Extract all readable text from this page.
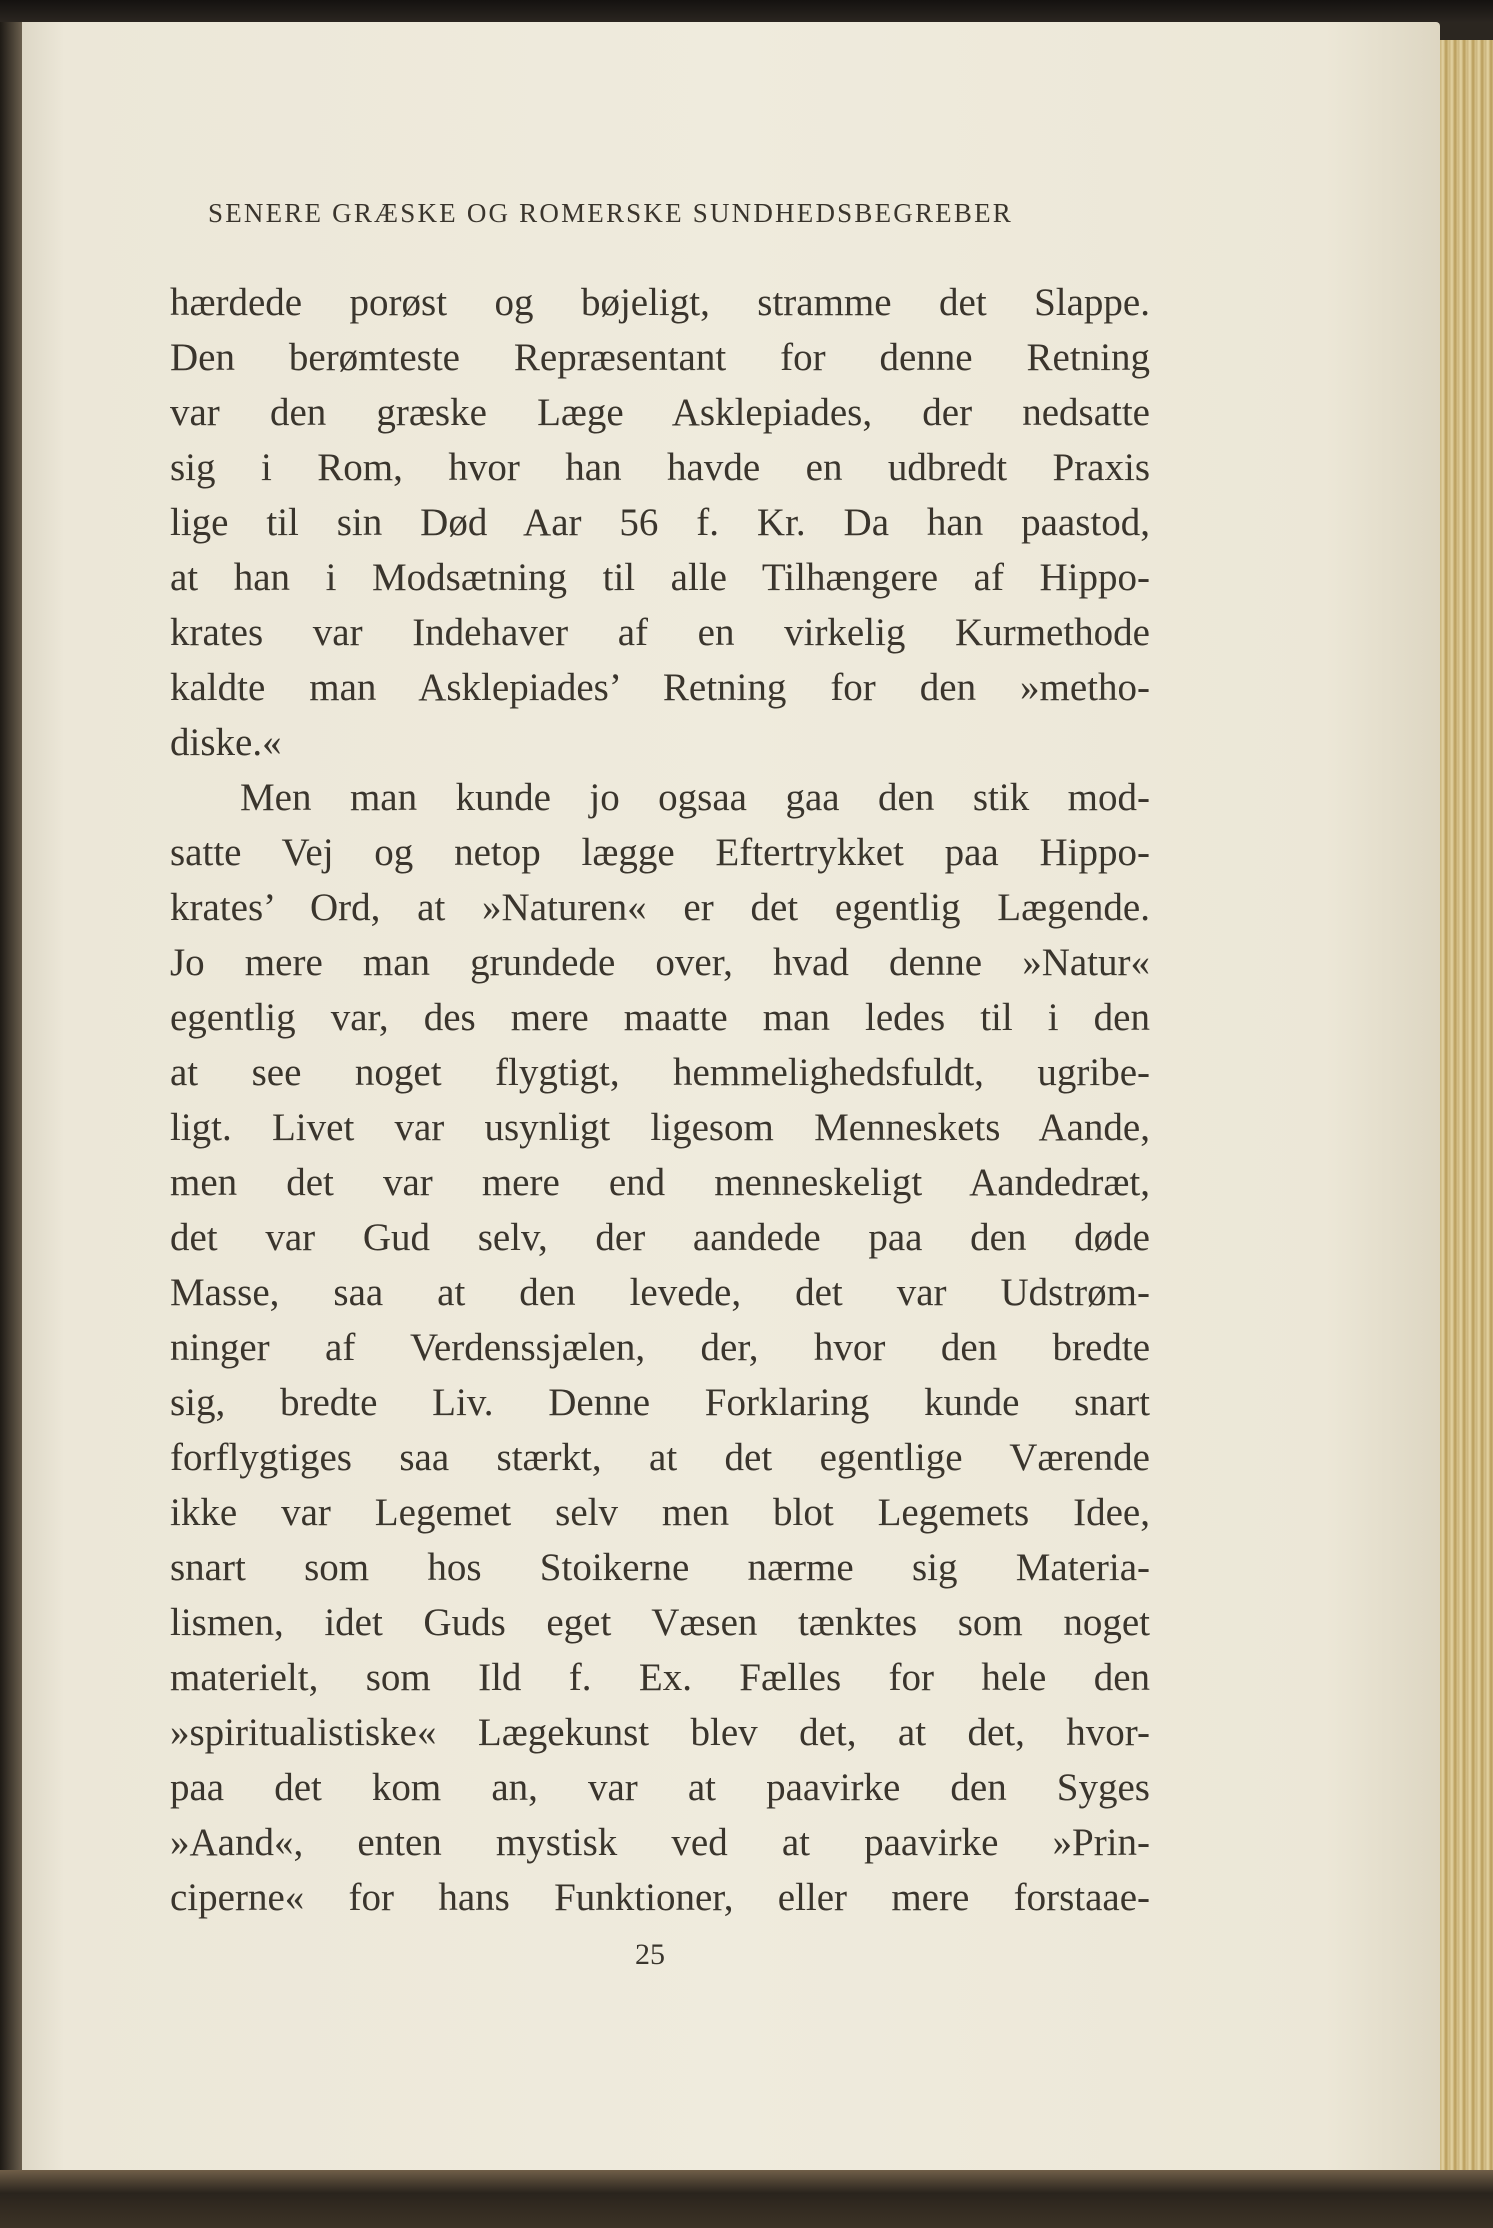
SENERE GRÆSKE OG ROMERSKE SUNDHEDSBEGREBER
hærdede porøst og bøjeligt, stramme det Slappe.
Den berømteste Repræsentant for denne Retning
var den græske Læge Asklepiades, der nedsatte
sig i Rom, hvor han havde en udbredt Praxis
lige til sin Død Aar 56 f. Kr. Da han paastod,
at han i Modsætning til alle Tilhængere af Hippo-
krates var Indehaver af en virkelig Kurmethode
kaldte man Asklepiades’ Retning for den »metho-
diske.«
Men man kunde jo ogsaa gaa den stik mod-
satte Vej og netop lægge Eftertrykket paa Hippo-
krates’ Ord, at »Naturen« er det egentlig Lægende.
Jo mere man grundede over, hvad denne »Natur«
egentlig var, des mere maatte man ledes til i den
at see noget flygtigt, hemmelighedsfuldt, ugribe-
ligt. Livet var usynligt ligesom Menneskets Aande,
men det var mere end menneskeligt Aandedræt,
det var Gud selv, der aandede paa den døde
Masse, saa at den levede, det var Udstrøm-
ninger af Verdenssjælen, der, hvor den bredte
sig, bredte Liv. Denne Forklaring kunde snart
forflygtiges saa stærkt, at det egentlige Værende
ikke var Legemet selv men blot Legemets Idee,
snart som hos Stoikerne nærme sig Materia-
lismen, idet Guds eget Væsen tænktes som noget
materielt, som Ild f. Ex. Fælles for hele den
»spiritualistiske« Lægekunst blev det, at det, hvor-
paa det kom an, var at paavirke den Syges
»Aand«, enten mystisk ved at paavirke »Prin-
ciperne« for hans Funktioner, eller mere forstaae-
25
